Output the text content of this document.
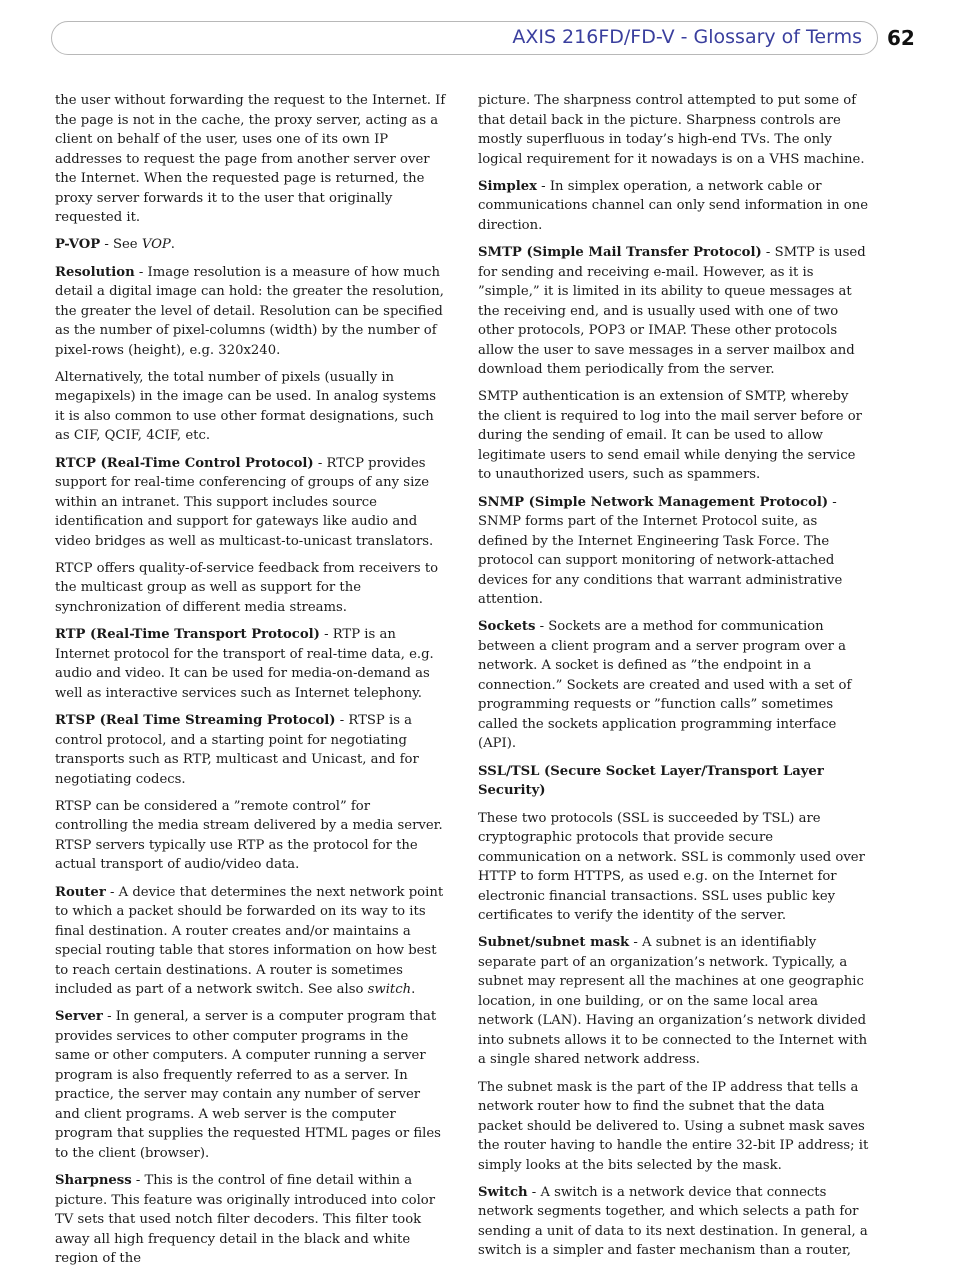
AXIS 216FD/FD-V - Glossary of Terms 62

the user without forwarding the request to the Internet. If the page is not in the cache, the proxy server, acting as a client on behalf of the user, uses one of its own IP addresses to request the page from another server over the Internet. When the requested page is returned, the proxy server forwards it to the user that originally requested it.

P-VOP - See VOP.

Resolution - Image resolution is a measure of how much detail a digital image can hold: the greater the resolution, the greater the level of detail. Resolution can be specified as the number of pixel-columns (width) by the number of pixel-rows (height), e.g. 320x240.

Alternatively, the total number of pixels (usually in megapixels) in the image can be used. In analog systems it is also common to use other format designations, such as CIF, QCIF, 4CIF, etc.

RTCP (Real-Time Control Protocol) - RTCP provides support for real-time conferencing of groups of any size within an intranet. This support includes source identification and support for gateways like audio and video bridges as well as multicast-to-unicast translators.

RTCP offers quality-of-service feedback from receivers to the multicast group as well as support for the synchronization of different media streams.

RTP (Real-Time Transport Protocol) - RTP is an Internet protocol for the transport of real-time data, e.g. audio and video. It can be used for media-on-demand as well as interactive services such as Internet telephony.

RTSP (Real Time Streaming Protocol) - RTSP is a control protocol, and a starting point for negotiating transports such as RTP, multicast and Unicast, and for negotiating codecs.

RTSP can be considered a ”remote control” for controlling the media stream delivered by a media server. RTSP servers typically use RTP as the protocol for the actual transport of audio/video data.

Router - A device that determines the next network point to which a packet should be forwarded on its way to its final destination. A router creates and/or maintains a special routing table that stores information on how best to reach certain destinations. A router is sometimes included as part of a network switch. See also switch.

Server - In general, a server is a computer program that provides services to other computer programs in the same or other computers. A computer running a server program is also frequently referred to as a server. In practice, the server may contain any number of server and client programs. A web server is the computer program that supplies the requested HTML pages or files to the client (browser).

Sharpness - This is the control of fine detail within a picture. This feature was originally introduced into color TV sets that used notch filter decoders. This filter took away all high frequency detail in the black and white region of the

picture. The sharpness control attempted to put some of that detail back in the picture. Sharpness controls are mostly superfluous in today’s high-end TVs. The only logical requirement for it nowadays is on a VHS machine.

Simplex - In simplex operation, a network cable or communications channel can only send information in one direction.

SMTP (Simple Mail Transfer Protocol) - SMTP is used for sending and receiving e-mail. However, as it is ”simple,” it is limited in its ability to queue messages at the receiving end, and is usually used with one of two other protocols, POP3 or IMAP. These other protocols allow the user to save messages in a server mailbox and download them periodically from the server.

SMTP authentication is an extension of SMTP, whereby the client is required to log into the mail server before or during the sending of email. It can be used to allow legitimate users to send email while denying the service to unauthorized users, such as spammers.

SNMP (Simple Network Management Protocol) - SNMP forms part of the Internet Protocol suite, as defined by the Internet Engineering Task Force. The protocol can support monitoring of network-attached devices for any conditions that warrant administrative attention.

Sockets - Sockets are a method for communication between a client program and a server program over a network. A socket is defined as ”the endpoint in a connection.” Sockets are created and used with a set of programming requests or ”function calls” sometimes called the sockets application programming interface (API).

SSL/TSL (Secure Socket Layer/Transport Layer Security)

These two protocols (SSL is succeeded by TSL) are cryptographic protocols that provide secure communication on a network. SSL is commonly used over HTTP to form HTTPS, as used e.g. on the Internet for electronic financial transactions. SSL uses public key certificates to verify the identity of the server.

Subnet/subnet mask - A subnet is an identifiably separate part of an organization’s network. Typically, a subnet may represent all the machines at one geographic location, in one building, or on the same local area network (LAN). Having an organization’s network divided into subnets allows it to be connected to the Internet with a single shared network address.

The subnet mask is the part of the IP address that tells a network router how to find the subnet that the data packet should be delivered to. Using a subnet mask saves the router having to handle the entire 32-bit IP address; it simply looks at the bits selected by the mask.

Switch - A switch is a network device that connects network segments together, and which selects a path for sending a unit of data to its next destination. In general, a switch is a simpler and faster mechanism than a router,
